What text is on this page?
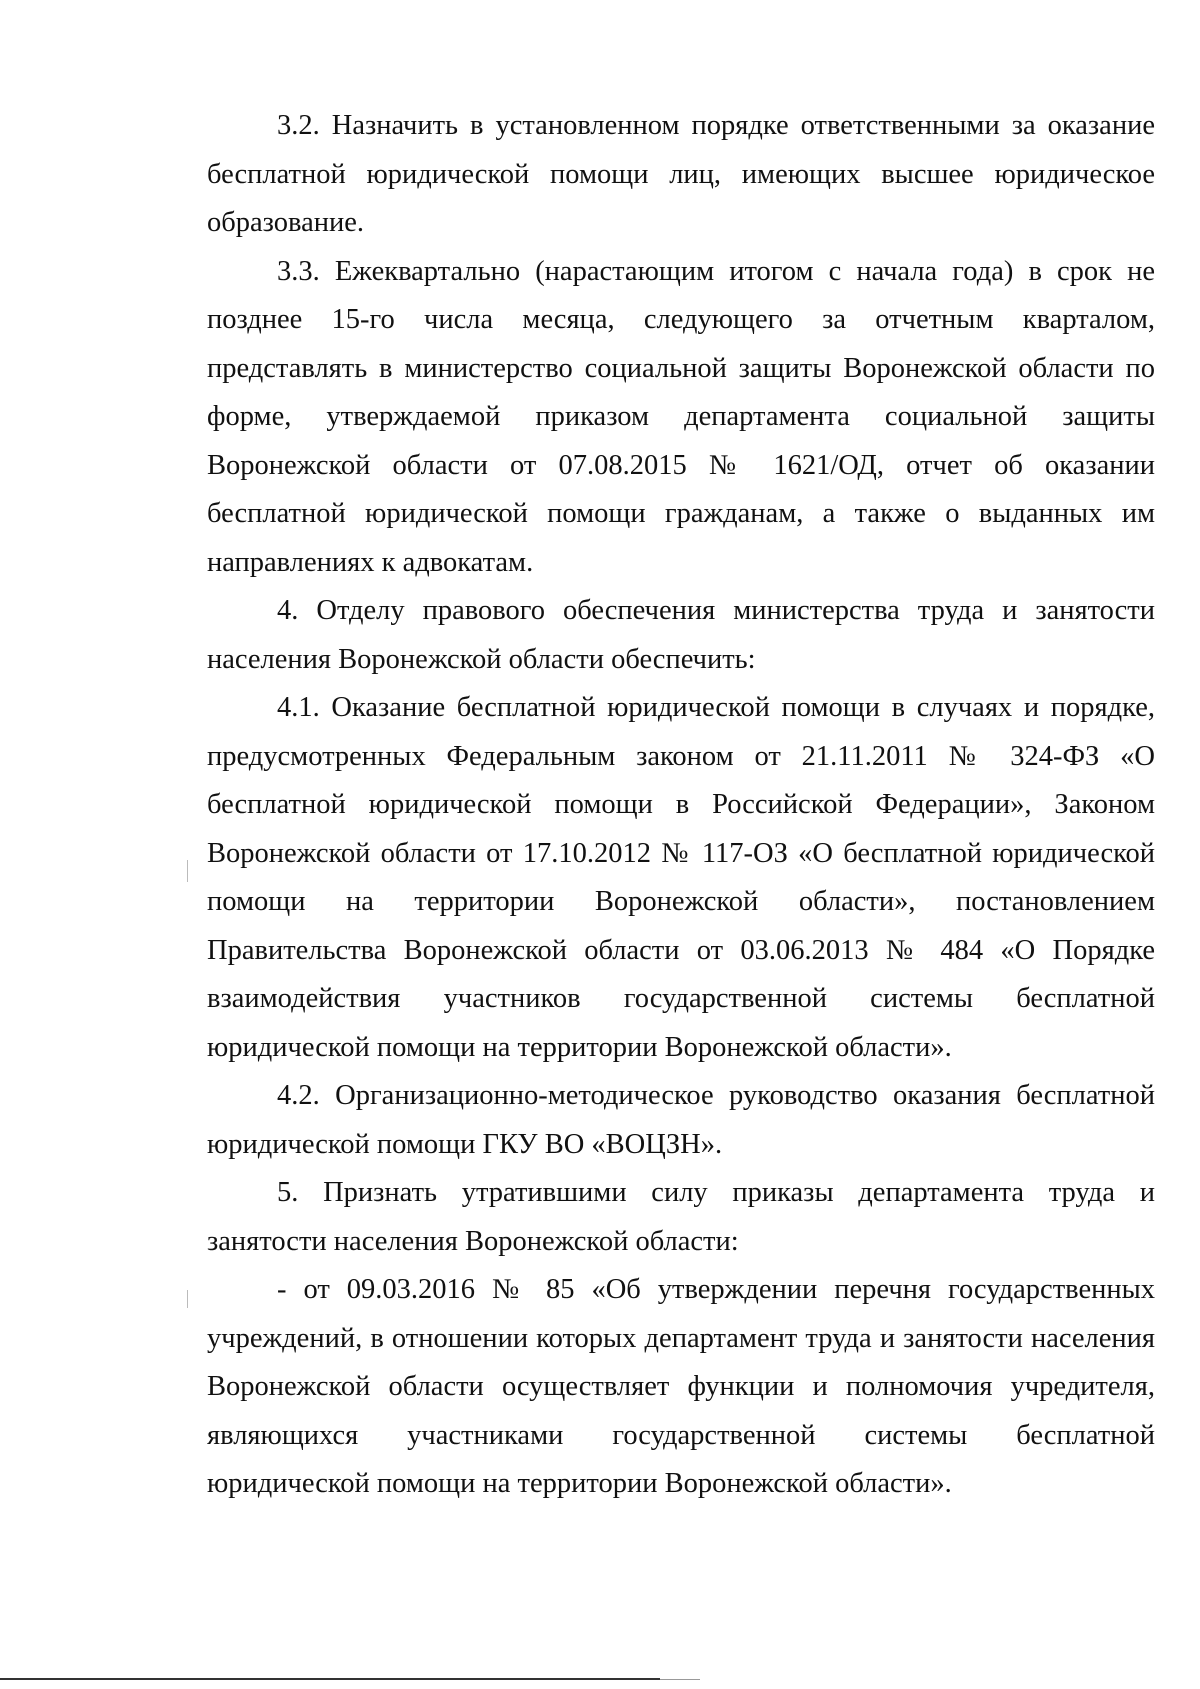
3.2. Назначить в установленном порядке ответственными за оказание бесплатной юридической помощи лиц, имеющих высшее юридическое образование.

3.3. Ежеквартально (нарастающим итогом с начала года) в срок не позднее 15-го числа месяца, следующего за отчетным кварталом, представлять в министерство социальной защиты Воронежской области по форме, утверждаемой приказом департамента социальной защиты Воронежской области от 07.08.2015 № 1621/ОД, отчет об оказании бесплатной юридической помощи гражданам, а также о выданных им направлениях к адвокатам.

4. Отделу правового обеспечения министерства труда и занятости населения Воронежской области обеспечить:

4.1. Оказание бесплатной юридической помощи в случаях и порядке, предусмотренных Федеральным законом от 21.11.2011 № 324-ФЗ «О бесплатной юридической помощи в Российской Федерации», Законом Воронежской области от 17.10.2012 № 117-ОЗ «О бесплатной юридической помощи на территории Воронежской области», постановлением Правительства Воронежской области от 03.06.2013 № 484 «О Порядке взаимодействия участников государственной системы бесплатной юридической помощи на территории Воронежской области».

4.2. Организационно-методическое руководство оказания бесплатной юридической помощи ГКУ ВО «ВОЦЗН».

5. Признать утратившими силу приказы департамента труда и занятости населения Воронежской области:

- от 09.03.2016 № 85 «Об утверждении перечня государственных учреждений, в отношении которых департамент труда и занятости населения Воронежской области осуществляет функции и полномочия учредителя, являющихся участниками государственной системы бесплатной юридической помощи на территории Воронежской области».
